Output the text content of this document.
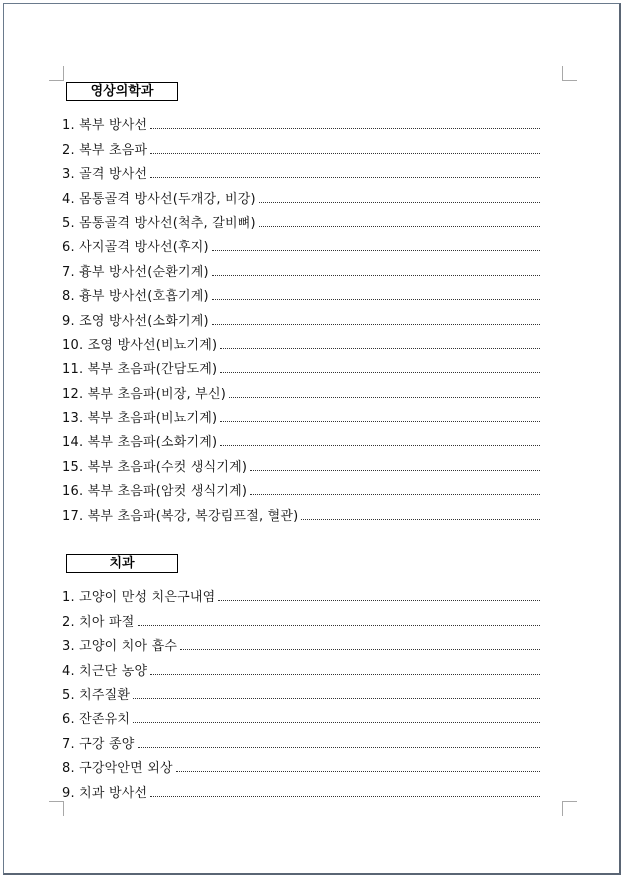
영상의학과
1. 복부 방사선
2. 복부 초음파
3. 골격 방사선
4. 몸통골격 방사선(두개강, 비강)
5. 몸통골격 방사선(척추, 갈비뼈)
6. 사지골격 방사선(후지)
7. 흉부 방사선(순환기계)
8. 흉부 방사선(호흡기계)
9. 조영 방사선(소화기계)
10. 조영 방사선(비뇨기계)
11. 복부 초음파(간담도계)
12. 복부 초음파(비장, 부신)
13. 복부 초음파(비뇨기계)
14. 복부 초음파(소화기계)
15. 복부 초음파(수컷 생식기계)
16. 복부 초음파(암컷 생식기계)
17. 복부 초음파(복강, 복강림프절, 혈관)
치과
1. 고양이 만성 치은구내염
2. 치아 파절
3. 고양이 치아 흡수
4. 치근단 농양
5. 치주질환
6. 잔존유치
7. 구강 종양
8. 구강악안면 외상
9. 치과 방사선
